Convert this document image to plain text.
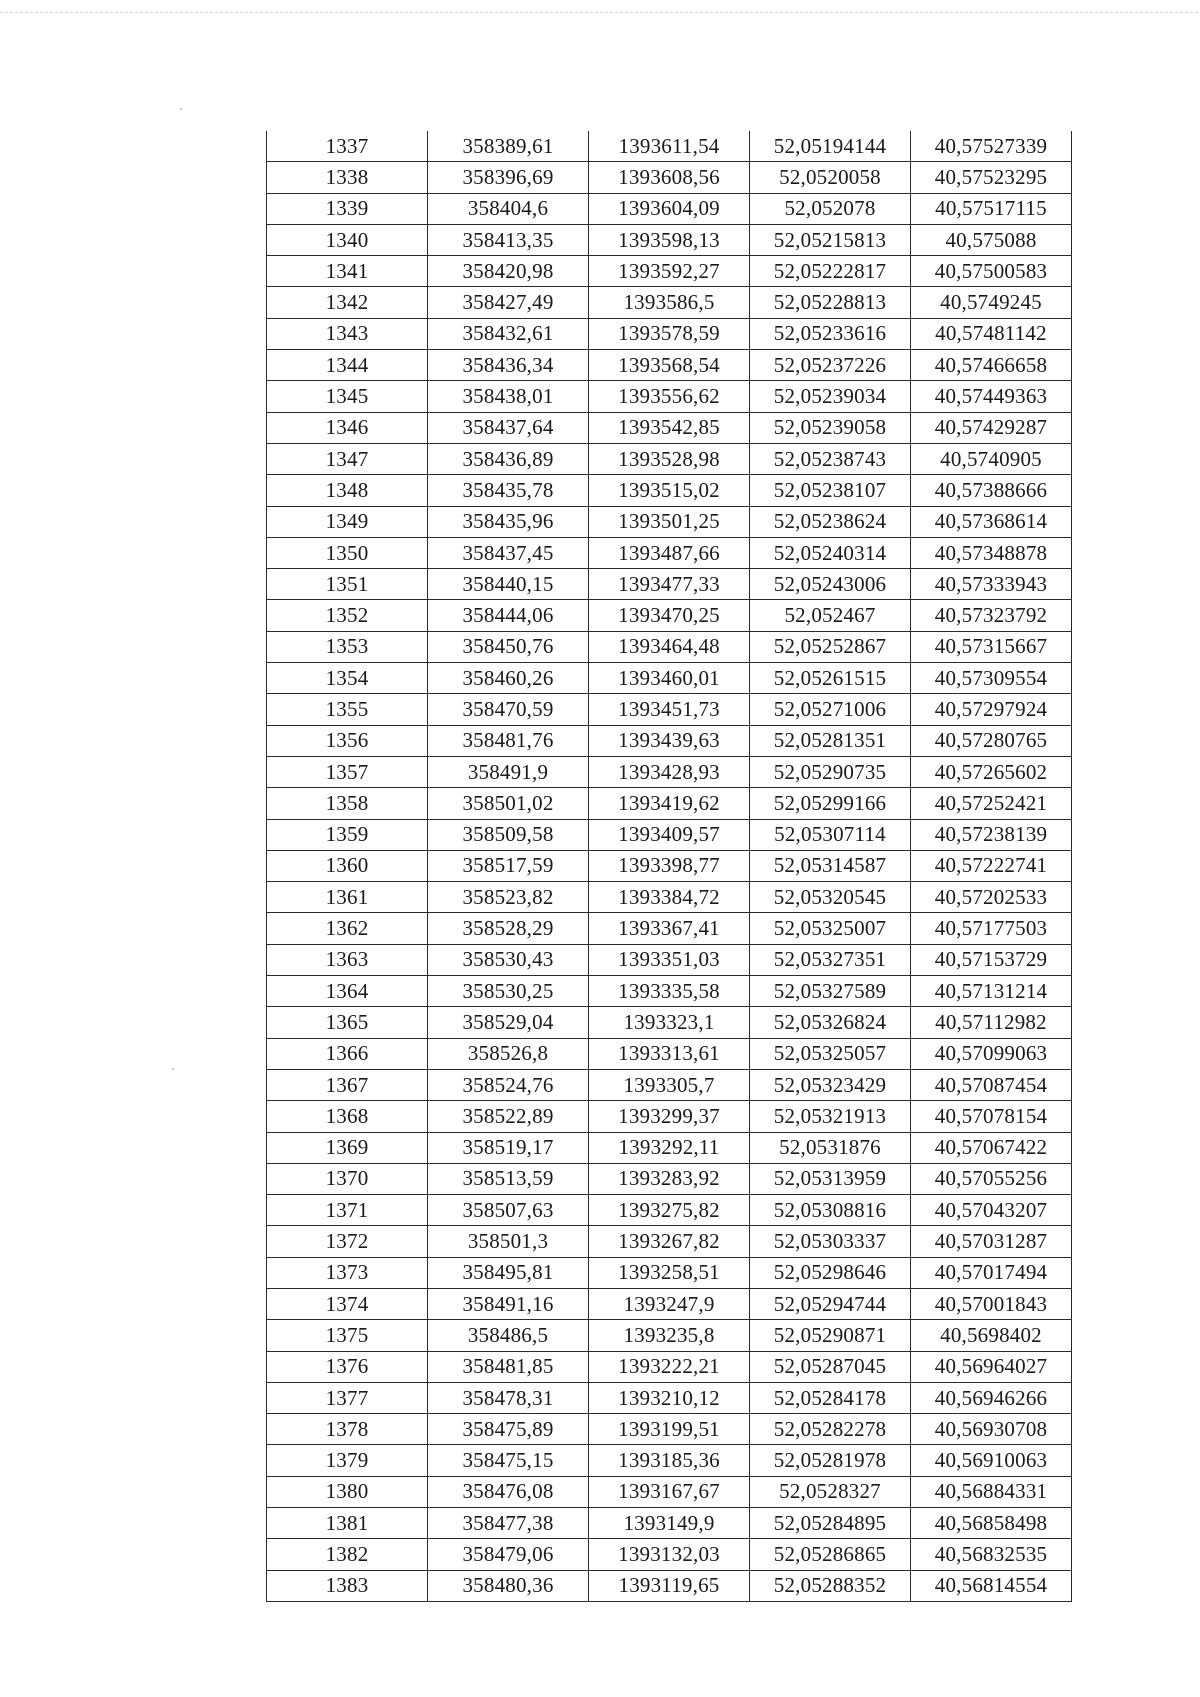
1337	358389,61	1393611,54	52,05194144	40,57527339
1338	358396,69	1393608,56	52,0520058	40,57523295
1339	358404,6	1393604,09	52,052078	40,57517115
1340	358413,35	1393598,13	52,05215813	40,575088
1341	358420,98	1393592,27	52,05222817	40,57500583
1342	358427,49	1393586,5	52,05228813	40,5749245
1343	358432,61	1393578,59	52,05233616	40,57481142
1344	358436,34	1393568,54	52,05237226	40,57466658
1345	358438,01	1393556,62	52,05239034	40,57449363
1346	358437,64	1393542,85	52,05239058	40,57429287
1347	358436,89	1393528,98	52,05238743	40,5740905
1348	358435,78	1393515,02	52,05238107	40,57388666
1349	358435,96	1393501,25	52,05238624	40,57368614
1350	358437,45	1393487,66	52,05240314	40,57348878
1351	358440,15	1393477,33	52,05243006	40,57333943
1352	358444,06	1393470,25	52,052467	40,57323792
1353	358450,76	1393464,48	52,05252867	40,57315667
1354	358460,26	1393460,01	52,05261515	40,57309554
1355	358470,59	1393451,73	52,05271006	40,57297924
1356	358481,76	1393439,63	52,05281351	40,57280765
1357	358491,9	1393428,93	52,05290735	40,57265602
1358	358501,02	1393419,62	52,05299166	40,57252421
1359	358509,58	1393409,57	52,05307114	40,57238139
1360	358517,59	1393398,77	52,05314587	40,57222741
1361	358523,82	1393384,72	52,05320545	40,57202533
1362	358528,29	1393367,41	52,05325007	40,57177503
1363	358530,43	1393351,03	52,05327351	40,57153729
1364	358530,25	1393335,58	52,05327589	40,57131214
1365	358529,04	1393323,1	52,05326824	40,57112982
1366	358526,8	1393313,61	52,05325057	40,57099063
1367	358524,76	1393305,7	52,05323429	40,57087454
1368	358522,89	1393299,37	52,05321913	40,57078154
1369	358519,17	1393292,11	52,0531876	40,57067422
1370	358513,59	1393283,92	52,05313959	40,57055256
1371	358507,63	1393275,82	52,05308816	40,57043207
1372	358501,3	1393267,82	52,05303337	40,57031287
1373	358495,81	1393258,51	52,05298646	40,57017494
1374	358491,16	1393247,9	52,05294744	40,57001843
1375	358486,5	1393235,8	52,05290871	40,5698402
1376	358481,85	1393222,21	52,05287045	40,56964027
1377	358478,31	1393210,12	52,05284178	40,56946266
1378	358475,89	1393199,51	52,05282278	40,56930708
1379	358475,15	1393185,36	52,05281978	40,56910063
1380	358476,08	1393167,67	52,0528327	40,56884331
1381	358477,38	1393149,9	52,05284895	40,56858498
1382	358479,06	1393132,03	52,05286865	40,56832535
1383	358480,36	1393119,65	52,05288352	40,56814554
